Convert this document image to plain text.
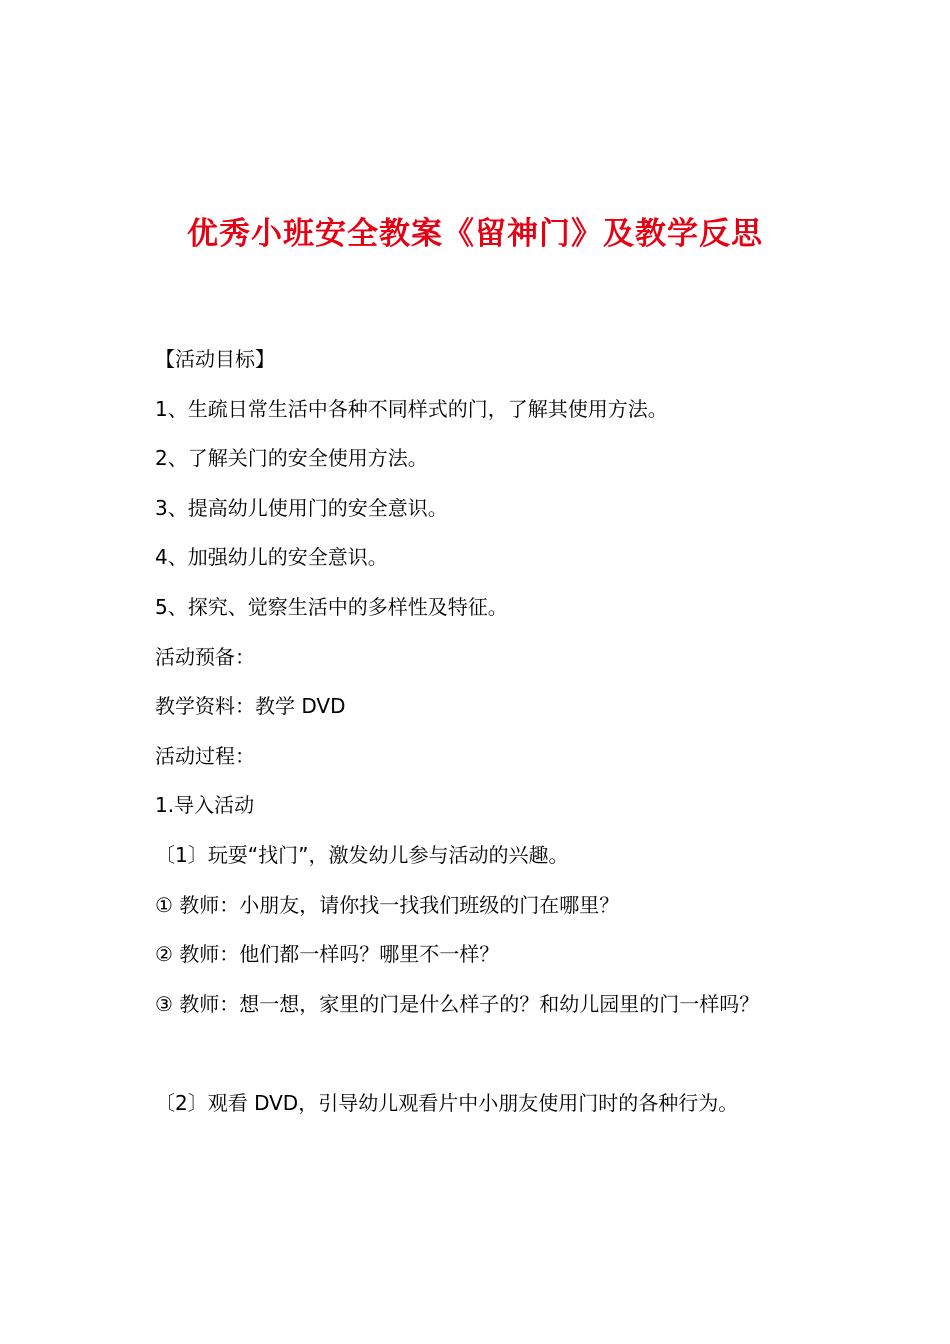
优秀小班安全教案《留神门》及教学反思
【活动目标】
1、生疏日常生活中各种不同样式的门，了解其使用方法。
2、了解关门的安全使用方法。
3、提高幼儿使用门的安全意识。
4、加强幼儿的安全意识。
5、探究、觉察生活中的多样性及特征。
活动预备：
教学资料：教学 DVD
活动过程：
1.导入活动
〔1〕玩耍“找门”，激发幼儿参与活动的兴趣。
① 教师：小朋友，请你找一找我们班级的门在哪里？
② 教师：他们都一样吗？哪里不一样？
③ 教师：想一想，家里的门是什么样子的？和幼儿园里的门一样吗？
〔2〕观看 DVD，引导幼儿观看片中小朋友使用门时的各种行为。
